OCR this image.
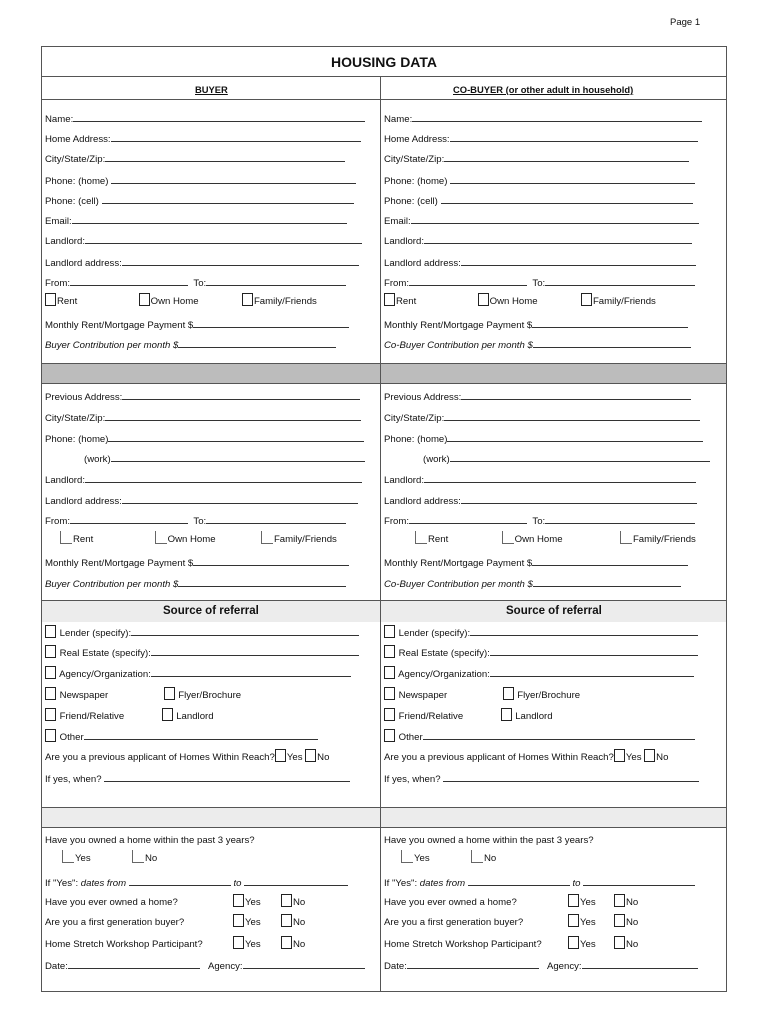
Page 1
HOUSING DATA
BUYER	CO-BUYER (or other adult in household)
Name:
Home Address:
City/State/Zip:
Phone: (home)
Phone: (cell)
Email:
Landlord:
Landlord address:
From:	To:
Rent	Own Home	Family/Friends
Monthly Rent/Mortgage Payment $
Buyer Contribution per month $
Previous Address:
City/State/Zip:
Phone: (home)
(work)
Landlord:
Landlord address:
From:	To:
Rent	Own Home	Family/Friends
Monthly Rent/Mortgage Payment $
Buyer Contribution per month $
Source of referral
Lender (specify):
Real Estate (specify):
Agency/Organization:
Newspaper	Flyer/Brochure
Friend/Relative	Landlord
Other
Are you a previous applicant of Homes Within Reach? Yes No
If yes, when?
Have you owned a home within the past 3 years?
Yes	No
If "Yes": dates from	to
Have you ever owned a home?	Yes	No
Are you a first generation buyer?	Yes	No
Home Stretch Workshop Participant?	Yes	No
Date:	Agency:
Name:
Home Address:
City/State/Zip:
Phone: (home)
Phone: (cell)
Email:
Landlord:
Landlord address:
From:	To:
Rent	Own Home	Family/Friends
Monthly Rent/Mortgage Payment $
Co-Buyer Contribution per month $
Previous Address:
City/State/Zip:
Phone: (home)
(work)
Landlord:
Landlord address:
From:	To:
Rent	Own Home	Family/Friends
Monthly Rent/Mortgage Payment $
Co-Buyer Contribution per month $
Source of referral
Lender (specify):
Real Estate (specify):
Agency/Organization:
Newspaper	Flyer/Brochure
Friend/Relative	Landlord
Other
Are you a previous applicant of Homes Within Reach? Yes No
If yes, when?
Have you owned a home within the past 3 years?
Yes	No
If "Yes": dates from	to
Have you ever owned a home?	Yes	No
Are you a first generation buyer?	Yes	No
Home Stretch Workshop Participant?	Yes	No
Date:	Agency:
